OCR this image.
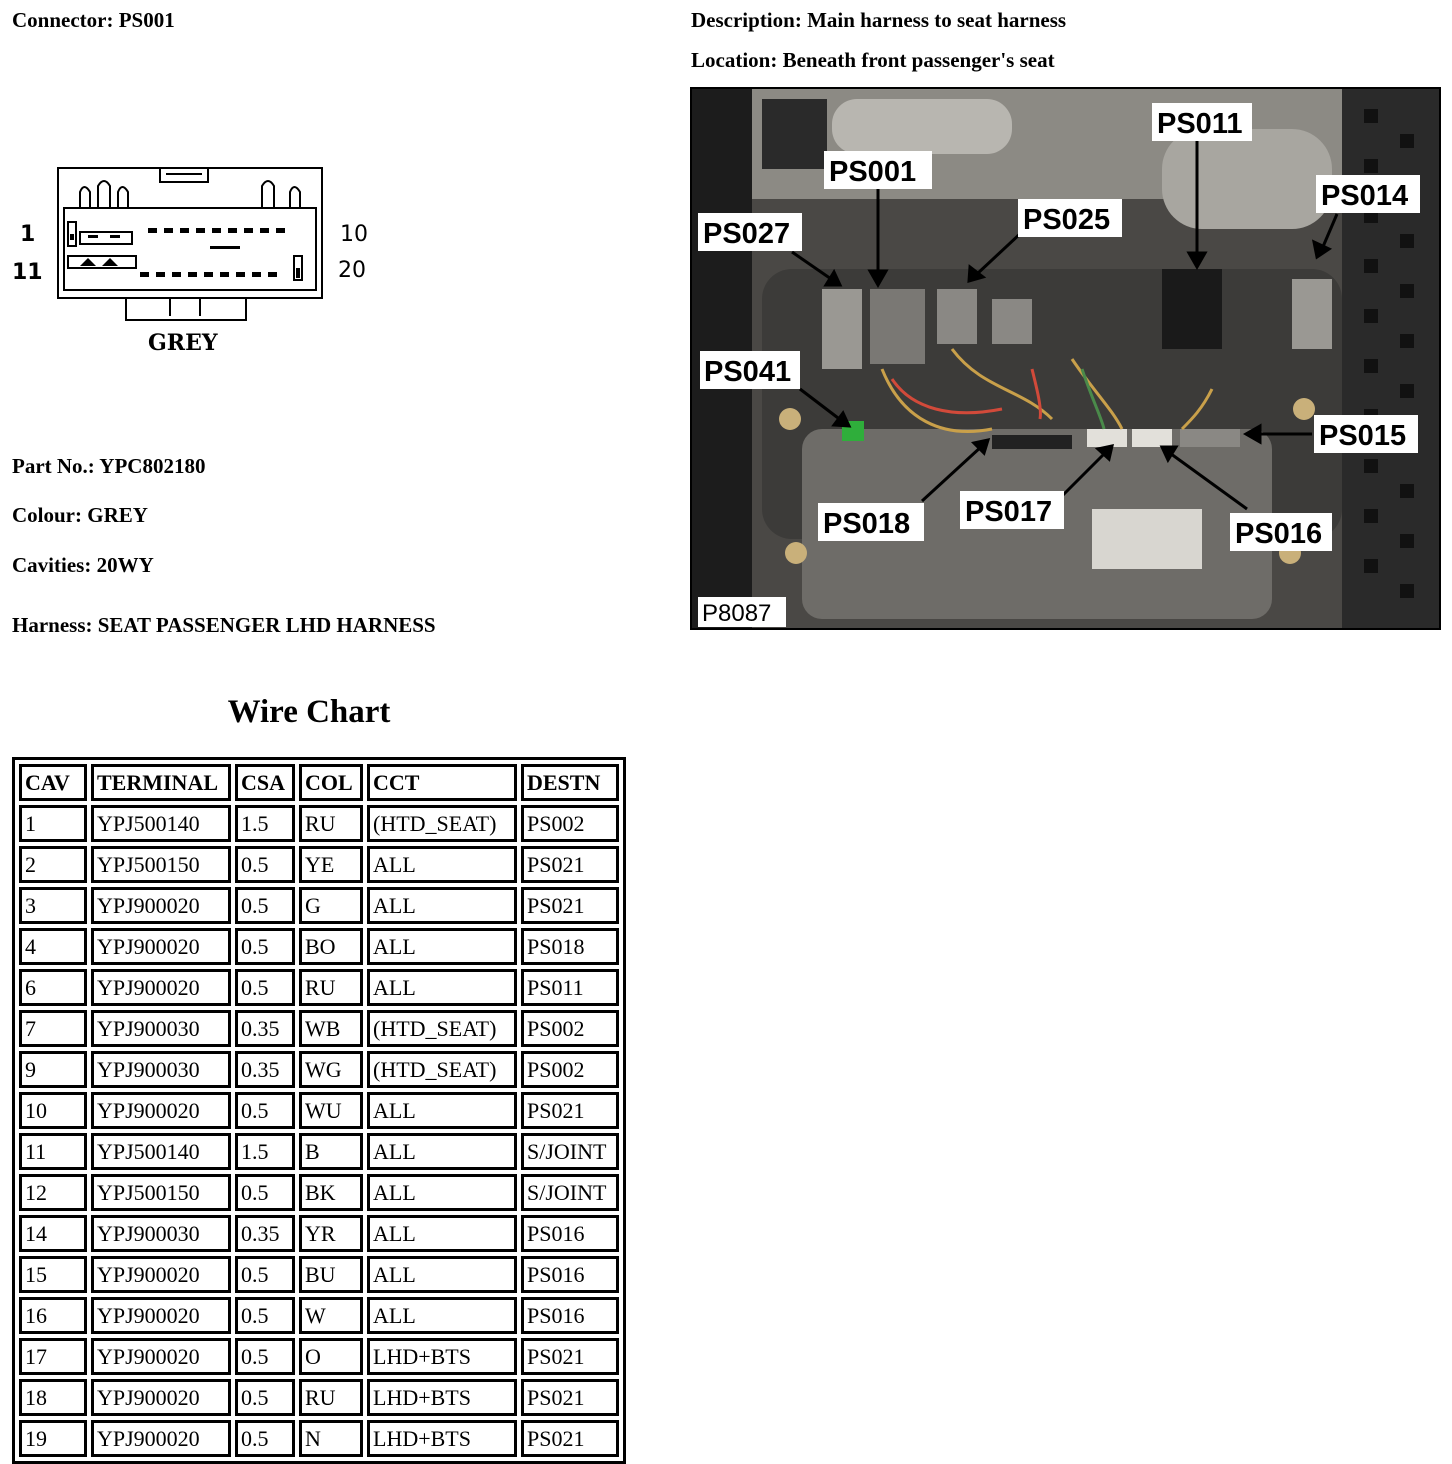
Connector: PS001	Description: Main harness to seat harness
Location: Beneath front passenger's seat
1
11
10
20
GREY
Part No.: YPC802180
Colour: GREY
Cavities: 20WY
Harness: SEAT PASSENGER LHD HARNESS
PS011
PS001
PS014
PS027	PS025
PS041
PS015
PS018 PS017
PS016
P8087
Wire Chart
CAV	TERMINAL	CSA	COL	CCT	DESTN
1	YPJ500140	1.5	RU	(HTD_SEAT)	PS002
2	YPJ500150	0.5	YE	ALL	PS021
3	YPJ900020	0.5	G	ALL	PS021
4	YPJ900020	0.5	BO	ALL	PS018
6	YPJ900020	0.5	RU	ALL	PS011
7	YPJ900030	0.35	WB	(HTD_SEAT)	PS002
9	YPJ900030	0.35	WG	(HTD_SEAT)	PS002
10	YPJ900020	0.5	WU	ALL	PS021
11	YPJ500140	1.5	B	ALL	S/JOINT
12	YPJ500150	0.5	BK	ALL	S/JOINT
14	YPJ900030	0.35	YR	ALL	PS016
15	YPJ900020	0.5	BU	ALL	PS016
16	YPJ900020	0.5	W	ALL	PS016
17	YPJ900020	0.5	O	LHD+BTS	PS021
18	YPJ900020	0.5	RU	LHD+BTS	PS021
19	YPJ900020	0.5	N	LHD+BTS	PS021
